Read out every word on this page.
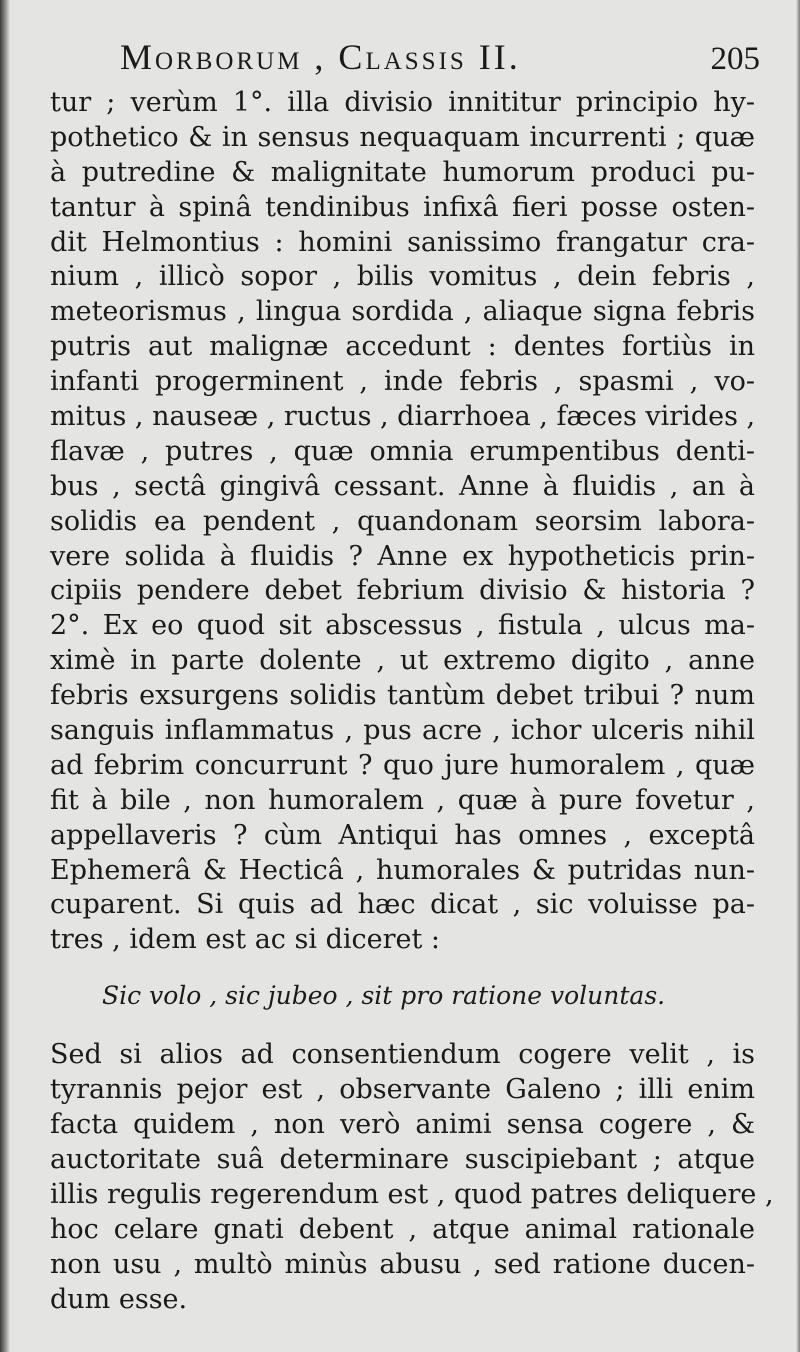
Morborum , Classis II.	205
tur ; verùm 1°. illa divisio innititur principio hy-
pothetico & in sensus nequaquam incurrenti ; quæ
à putredine & malignitate humorum produci pu-
tantur à spinâ tendinibus infixâ fieri posse osten-
dit Helmontius : homini sanissimo frangatur cra-
nium , illicò sopor , bilis vomitus , dein febris ,
meteorismus , lingua sordida , aliaque signa febris
putris aut malignæ accedunt : dentes fortiùs in
infanti progerminent , inde febris , spasmi , vo-
mitus , nauseæ , ructus , diarrhoea , fæces virides ,
flavæ , putres , quæ omnia erumpentibus denti-
bus , sectâ gingivâ cessant. Anne à fluidis , an à
solidis ea pendent , quandonam seorsim labora-
vere solida à fluidis ? Anne ex hypotheticis prin-
cipiis pendere debet febrium divisio & historia ?
2°. Ex eo quod sit abscessus , fistula , ulcus ma-
ximè in parte dolente , ut extremo digito , anne
febris exsurgens solidis tantùm debet tribui ? num
sanguis inflammatus , pus acre , ichor ulceris nihil
ad febrim concurrunt ? quo jure humoralem , quæ
fit à bile , non humoralem , quæ à pure fovetur ,
appellaveris ? cùm Antiqui has omnes , exceptâ
Ephemerâ & Hecticâ , humorales & putridas nun-
cuparent. Si quis ad hæc dicat , sic voluisse pa-
tres , idem est ac si diceret :
Sic volo , sic jubeo , sit pro ratione voluntas.
Sed si alios ad consentiendum cogere velit , is
tyrannis pejor est , observante Galeno ; illi enim
facta quidem , non verò animi sensa cogere , &
auctoritate suâ determinare suscipiebant ; atque
illis regulis regerendum est , quod patres deliquere ,
hoc celare gnati debent , atque animal rationale
non usu , multò minùs abusu , sed ratione ducen-
dum esse.
